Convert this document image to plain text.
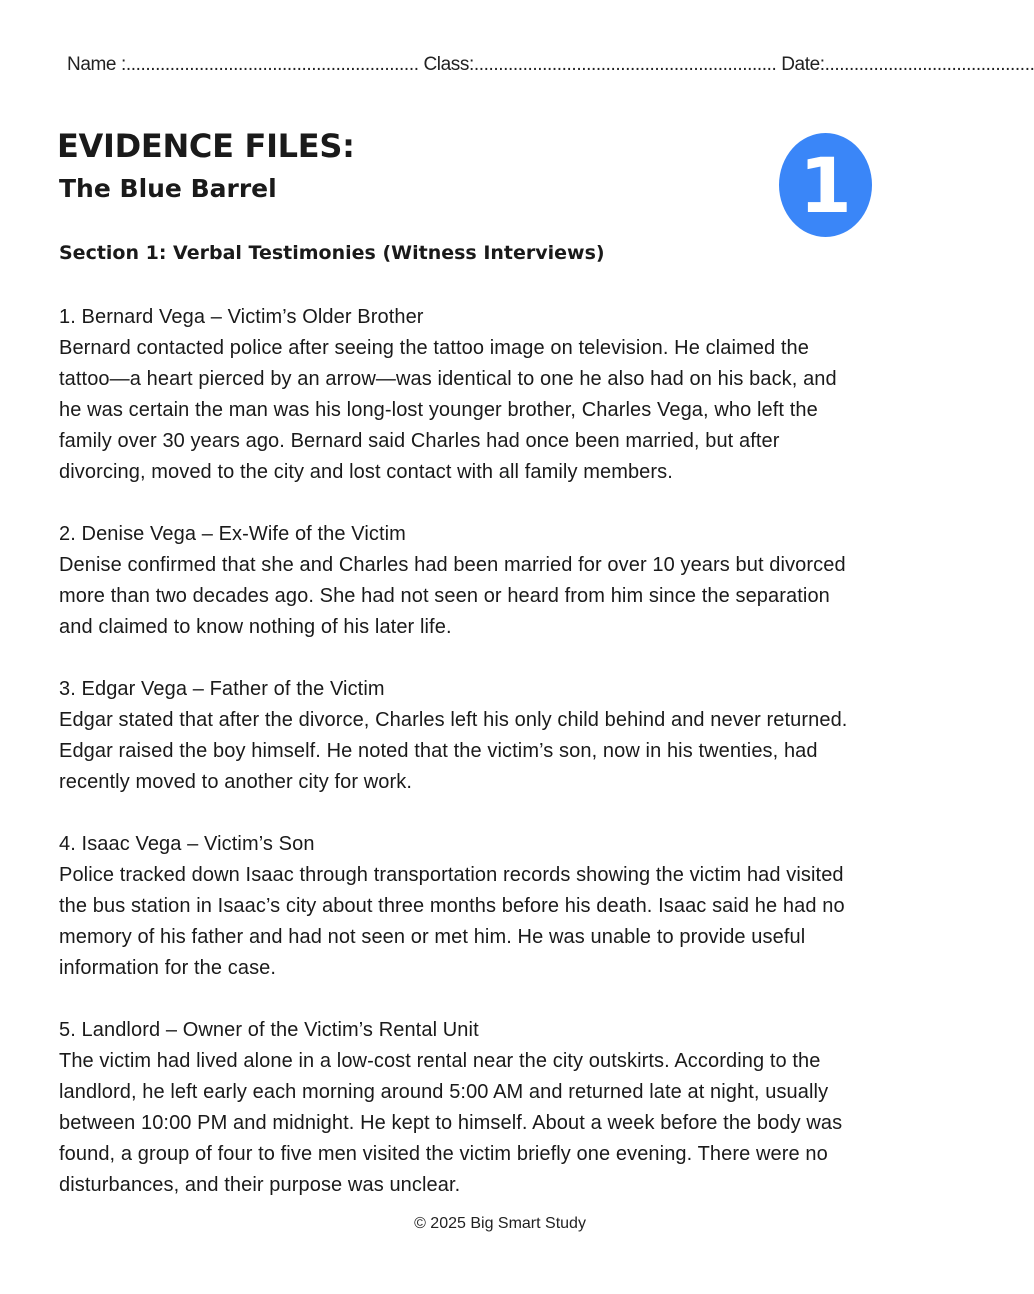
Name :............................................................ Class:.............................................................. Date:...........................................
EVIDENCE FILES:
The Blue Barrel	1
Section 1: Verbal Testimonies (Witness Interviews)
1. Bernard Vega – Victim’s Older Brother
Bernard contacted police after seeing the tattoo image on television. He claimed the
tattoo—a heart pierced by an arrow—was identical to one he also had on his back, and
he was certain the man was his long-lost younger brother, Charles Vega, who left the
family over 30 years ago. Bernard said Charles had once been married, but after
divorcing, moved to the city and lost contact with all family members.
2. Denise Vega – Ex-Wife of the Victim
Denise confirmed that she and Charles had been married for over 10 years but divorced
more than two decades ago. She had not seen or heard from him since the separation
and claimed to know nothing of his later life.
3. Edgar Vega – Father of the Victim
Edgar stated that after the divorce, Charles left his only child behind and never returned.
Edgar raised the boy himself. He noted that the victim’s son, now in his twenties, had
recently moved to another city for work.
4. Isaac Vega – Victim’s Son
Police tracked down Isaac through transportation records showing the victim had visited
the bus station in Isaac’s city about three months before his death. Isaac said he had no
memory of his father and had not seen or met him. He was unable to provide useful
information for the case.
5. Landlord – Owner of the Victim’s Rental Unit
The victim had lived alone in a low-cost rental near the city outskirts. According to the
landlord, he left early each morning around 5:00 AM and returned late at night, usually
between 10:00 PM and midnight. He kept to himself. About a week before the body was
found, a group of four to five men visited the victim briefly one evening. There were no
disturbances, and their purpose was unclear.
© 2025 Big Smart Study
